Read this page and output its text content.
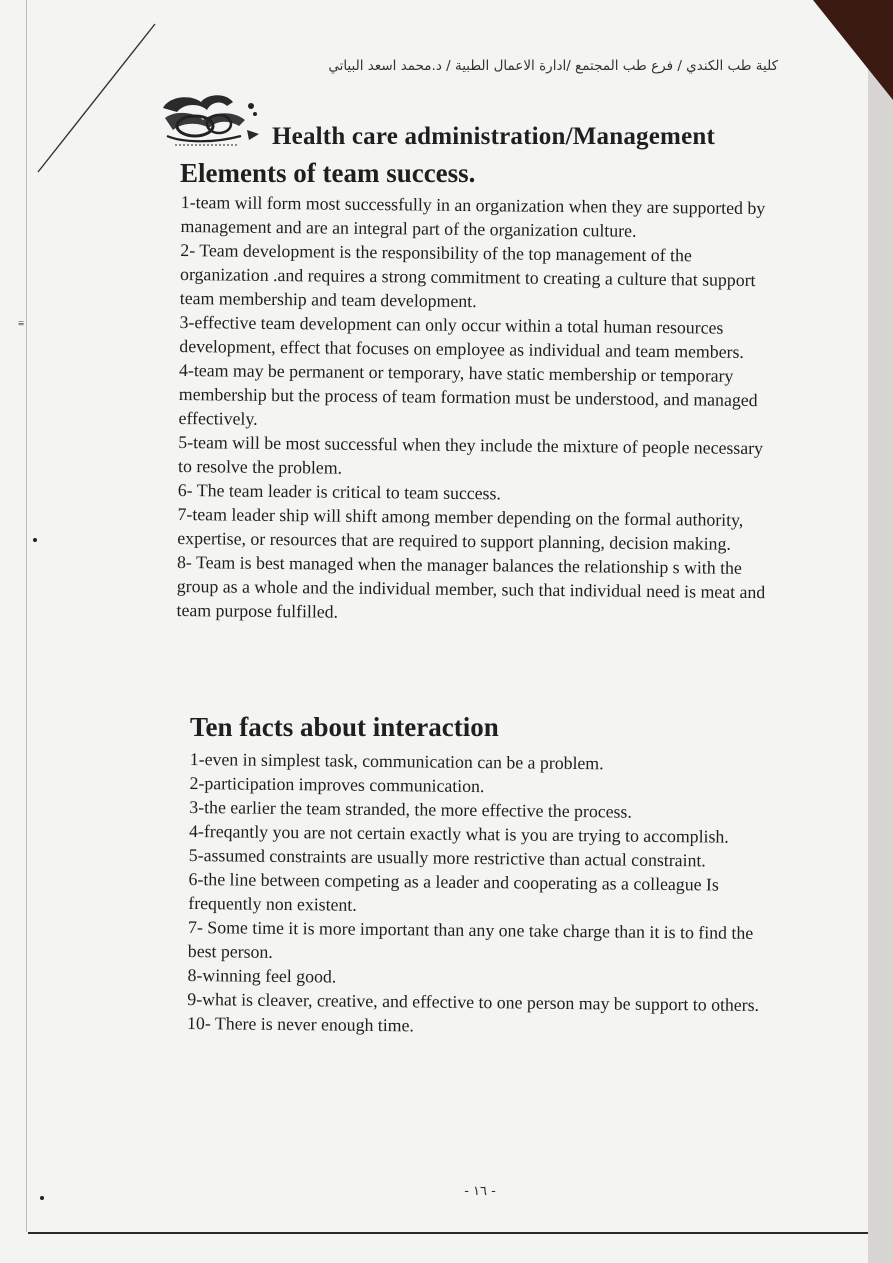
≡
كلية طب الكندي / فرع طب المجتمع /ادارة الاعمال الطبية / د.محمد اسعد البياتي
Health care administration/Management
Elements of team success.

1-team will form most successfully in an organization when they are supported by management and are an integral part of the organization culture.

2- Team development is the responsibility of the top management of the organization .and requires a strong commitment to creating a culture that support team membership and team development.

3-effective team development can only occur within a total human resources development, effect that focuses on employee as individual and team members.

4-team may be permanent or temporary, have static membership or temporary membership but the process of team formation must be understood, and managed effectively.

5-team will be most successful when they include the mixture of people necessary to resolve the problem.

6- The team leader is critical to team success.

7-team leader ship will shift among member depending on the formal authority, expertise, or resources that are required to support planning, decision making.

8- Team is best managed when the manager balances the relationship s with the group as a whole and the individual member, such that individual need is meat and team purpose fulfilled.

Ten facts about interaction

1-even in simplest task, communication can be a problem.

2-participation improves communication.

3-the earlier the team stranded, the more effective the process.

4-freqantly you are not certain exactly what is you are trying to accomplish.

5-assumed constraints are usually more restrictive than actual constraint.

6-the line between competing as a leader and cooperating as a colleague Is frequently non existent.

7- Some time it is more important than any one take charge than it is to find the best person.

8-winning feel good.

9-what is cleaver, creative, and effective to one person may be support to others.

10- There is never enough time.

- ١٦ -
